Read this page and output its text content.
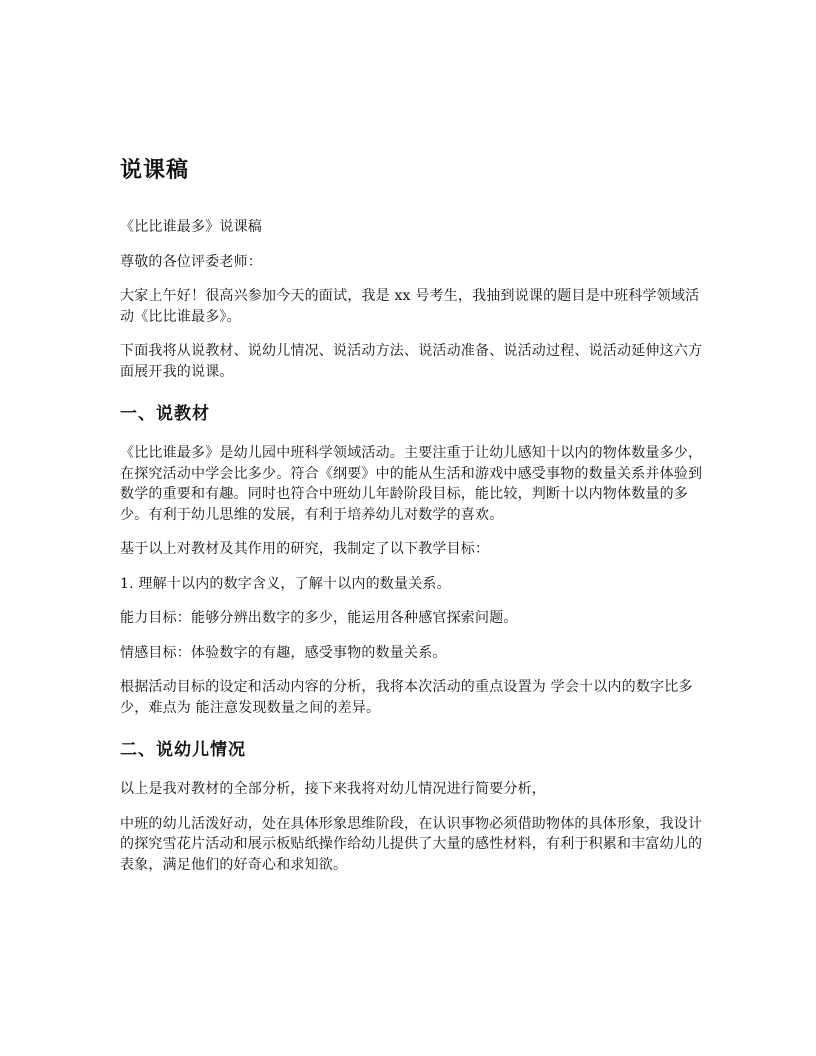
说课稿

《比比谁最多》说课稿

尊敬的各位评委老师：

大家上午好！很高兴参加今天的面试，我是 xx 号考生，我抽到说课的题目是中班科学领域活动《比比谁最多》。

下面我将从说教材、说幼儿情况、说活动方法、说活动准备、说活动过程、说活动延伸这六方面展开我的说课。

一、说教材

《比比谁最多》是幼儿园中班科学领域活动。主要注重于让幼儿感知十以内的物体数量多少，在探究活动中学会比多少。符合《纲要》中的能从生活和游戏中感受事物的数量关系并体验到数学的重要和有趣。同时也符合中班幼儿年龄阶段目标，能比较，判断十以内物体数量的多少。有利于幼儿思维的发展，有利于培养幼儿对数学的喜欢。

基于以上对教材及其作用的研究，我制定了以下教学目标：

1. 理解十以内的数字含义，了解十以内的数量关系。

能力目标：能够分辨出数字的多少，能运用各种感官探索问题。

情感目标：体验数字的有趣，感受事物的数量关系。

根据活动目标的设定和活动内容的分析，我将本次活动的重点设置为 学会十以内的数字比多少，难点为 能注意发现数量之间的差异。

二、说幼儿情况

以上是我对教材的全部分析，接下来我将对幼儿情况进行简要分析，

中班的幼儿活泼好动，处在具体形象思维阶段，在认识事物必须借助物体的具体形象，我设计的探究雪花片活动和展示板贴纸操作给幼儿提供了大量的感性材料，有利于积累和丰富幼儿的表象，满足他们的好奇心和求知欲。
